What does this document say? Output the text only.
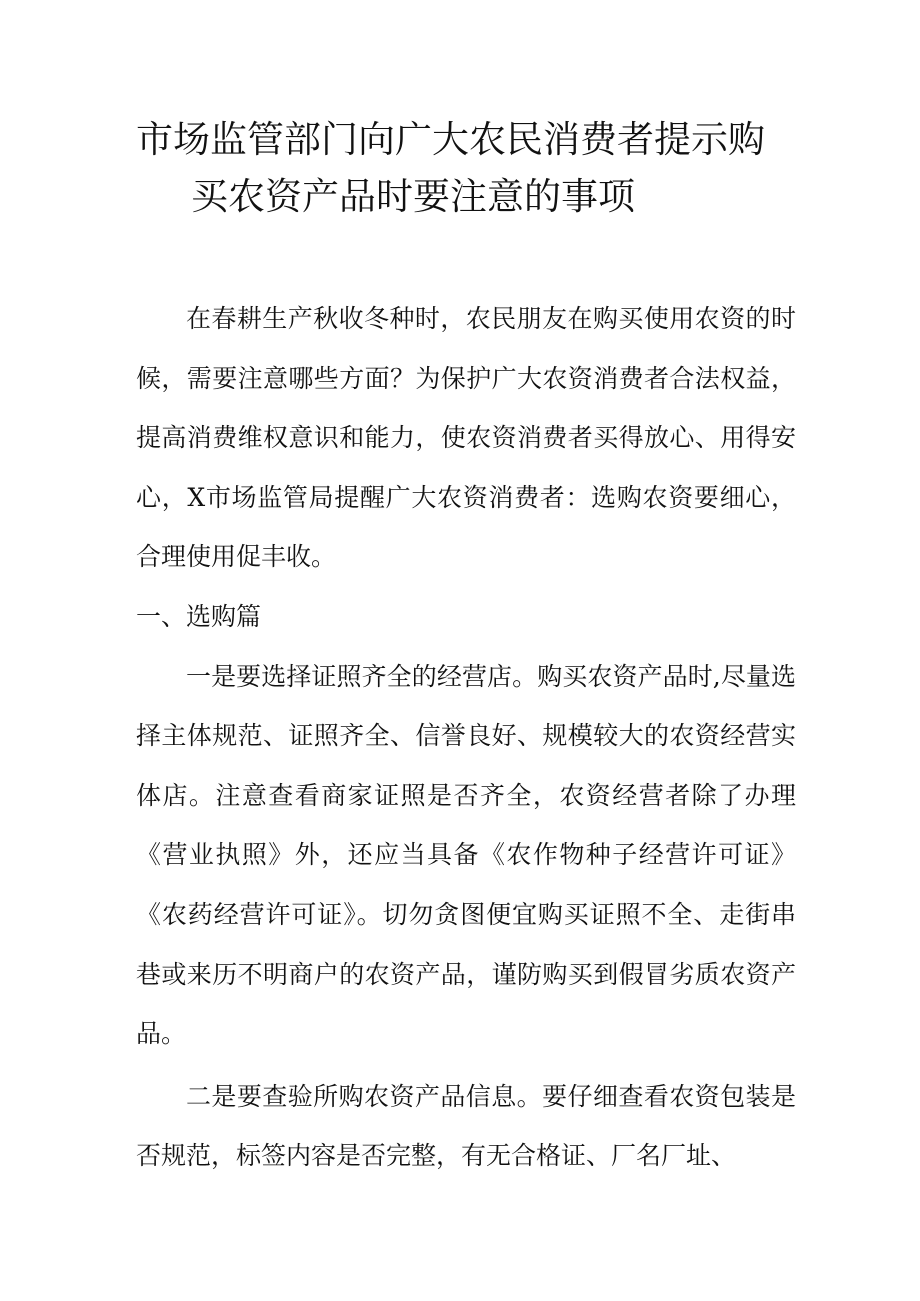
市场监管部门向广大农民消费者提示购
买农资产品时要注意的事项

在春耕生产秋收冬种时，农民朋友在购买使用农资的时候，需要注意哪些方面？为保护广大农资消费者合法权益，提高消费维权意识和能力，使农资消费者买得放心、用得安心，X市场监管局提醒广大农资消费者：选购农资要细心，合理使用促丰收。

一、选购篇

一是要选择证照齐全的经营店。购买农资产品时,尽量选择主体规范、证照齐全、信誉良好、规模较大的农资经营实体店。注意查看商家证照是否齐全，农资经营者除了办理《营业执照》外，还应当具备《农作物种子经营许可证》《农药经营许可证》。切勿贪图便宜购买证照不全、走街串巷或来历不明商户的农资产品，谨防购买到假冒劣质农资产品。

二是要查验所购农资产品信息。要仔细查看农资包装是否规范，标签内容是否完整，有无合格证、厂名厂址、
